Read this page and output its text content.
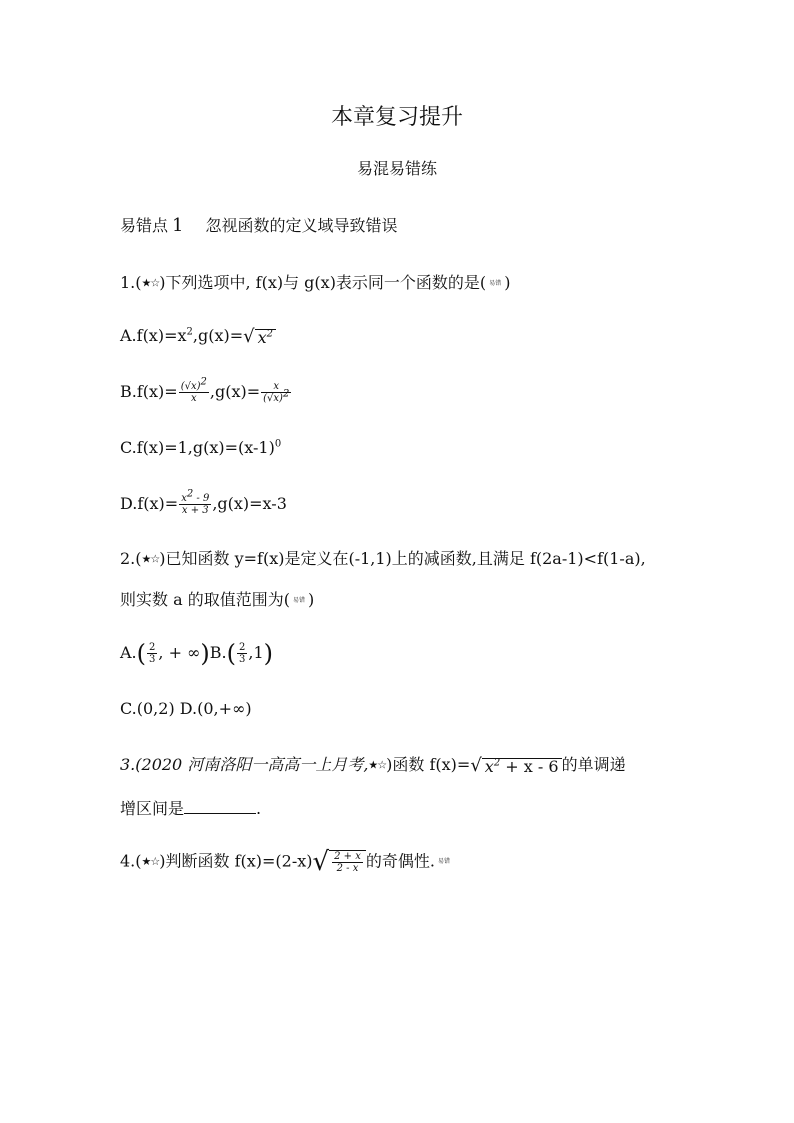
本章复习提升
易混易错练
易错点 1 忽视函数的定义域导致错误
1.(★☆)下列选项中, f(x)与 g(x)表示同一个函数的是( 易错 )
$A.f(x)=x^2,g(x)=√$ $x^2$
$B.f(x)= \frac{(√x)^2}{x} ,g(x)= \frac{x}{(√x)^2}$
$C.f(x)=1,g(x)=(x-1)^0$
$D.f(x)= \frac{x^2 - 9}{x + 3} ,g(x)=x-3$
2.(★☆)已知函数 y=f(x)是定义在(-1,1)上的减函数,且满足 f(2a-1)<f(1-a),
则实数 a 的取值范围为( 易错 )
$A.( \frac{2}{3}$ , + $\infty)B.( \frac{2}{3} ,1)$
C.(0,2) D.(0,+∞)
3.(2020 河南洛阳一高高一上月考,★☆)函数 f(x)=√ $x^2 + x - 6$ 的单调递
增区间是	.
4.(★☆)判断函数 $f(x)=(2-x)√ \frac{2 + x}{2 - x}$ 的奇偶性. 易错
